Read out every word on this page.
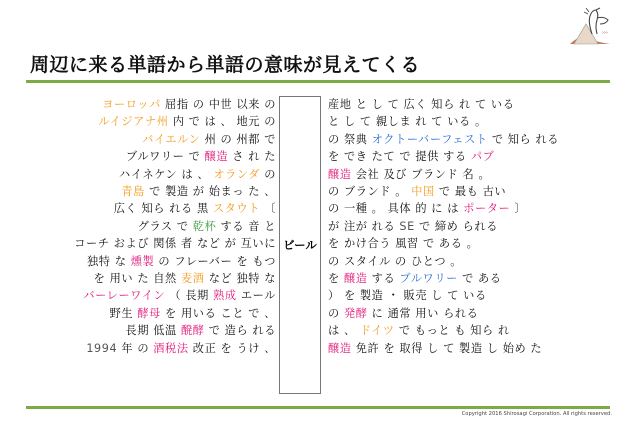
周辺に来る単語から単語の意味が見えてくる
›››
ヨーロッパ 屈指 の 中世 以来 の
ルイジアナ州 内 で は 、 地元 の
バイエルン 州 の 州都 で
ブルワリー で 醸造 さ れ た
ハイネケン は 、 オランダ の
青島 で 製造 が 始まっ た 、
広く 知ら れる 黒 スタウト 〔
グラス で 乾杯 する 音 と
コーチ および 関係 者 など が 互いに
独特 な 燻製 の フレーバー を もつ
を 用い た 自然 麦酒 など 独特 な
バーレーワイン （ 長期 熟成 エール
野生 酵母 を 用いる こと で 、
長期 低温 醗酵 で 造ら れる
1994 年 の 酒税法 改正 を うけ 、
ビール
産地 と し て 広く 知ら れ て いる
と し て 親しま れ て いる 。
の 祭典 オクトーバーフェスト で 知ら れる
を でき たて で 提供 する パブ
醸造 会社 及び ブランド 名 。
の ブランド 。 中国 で 最も 古い
の 一種 。 具体 的 に は ポーター 〕
が 注が れる SE で 締め られる
を かけ合う 風習 で ある 。
の スタイル の ひとつ 。
を 醸造 する ブルワリー で ある
） を 製造 ・ 販売 し て いる
の 発酵 に 通常 用い られる
は 、 ドイツ で もっと も 知ら れ
醸造 免許 を 取得 し て 製造 し 始め た
Copyright 2016 Shirosagi Corporation. All rights reserved.
